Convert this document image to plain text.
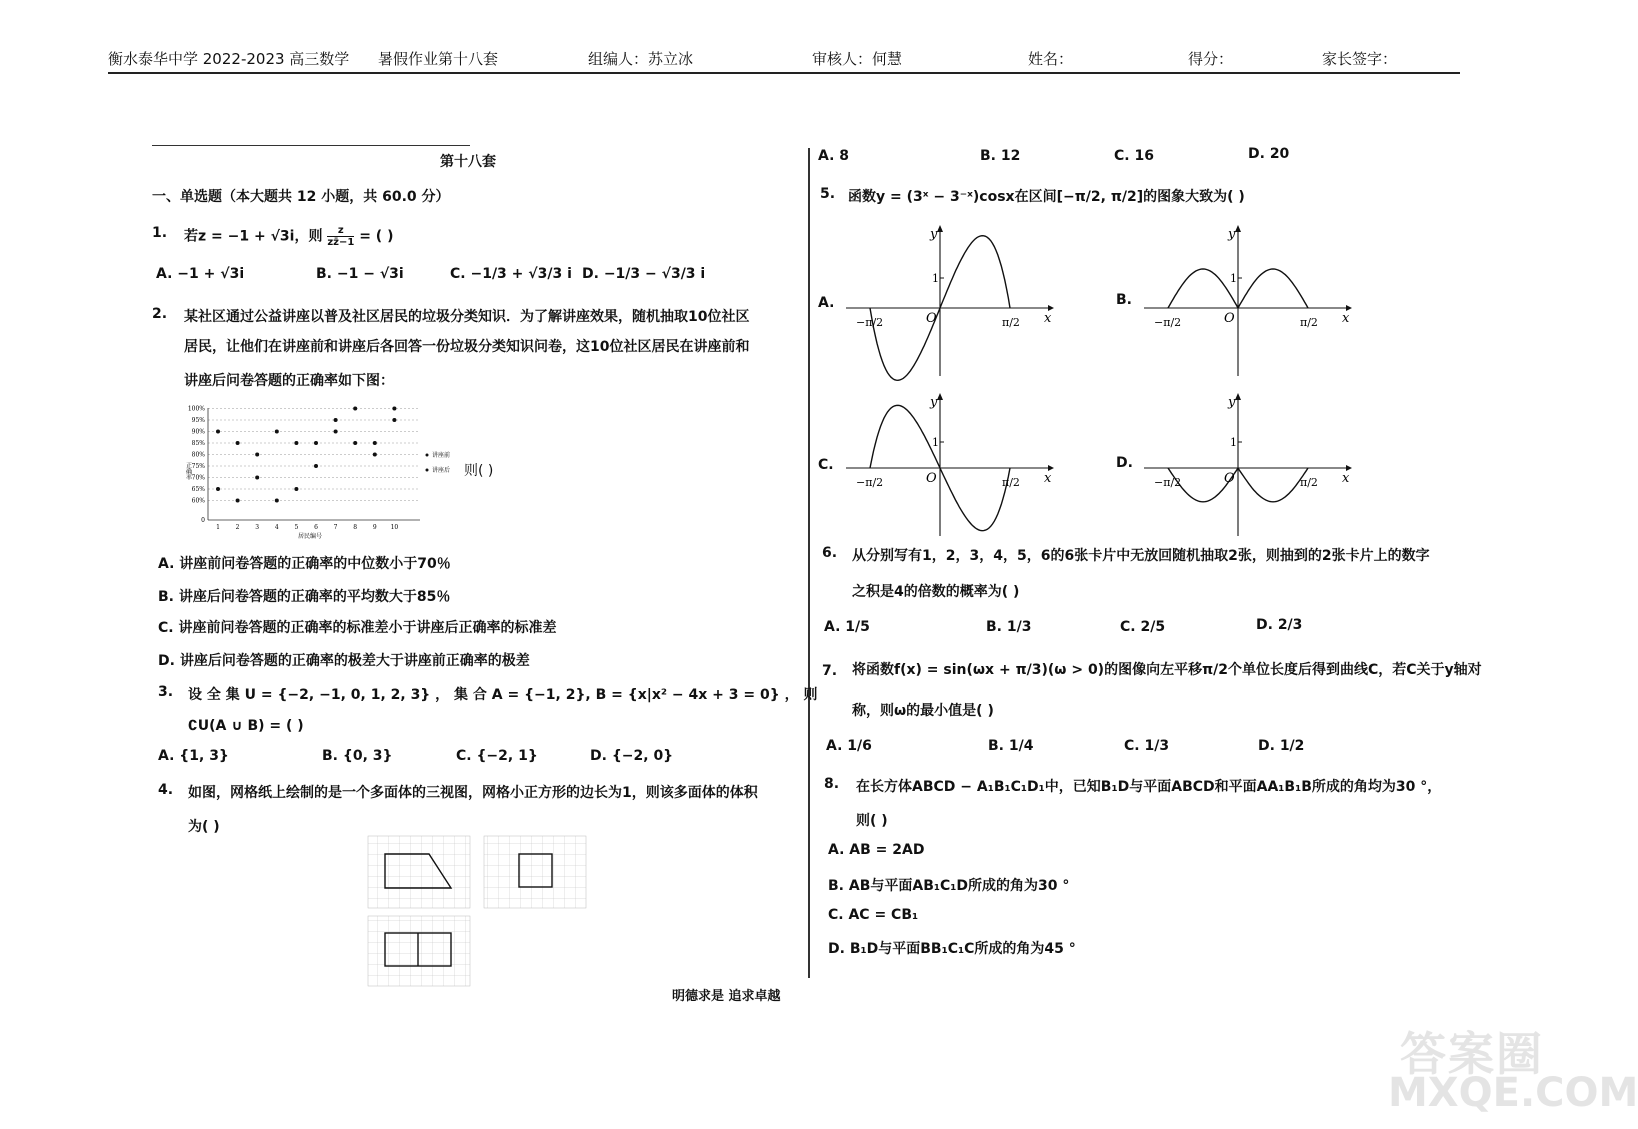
衡水泰华中学 2022-2023 高三数学 暑假作业第十八套	组编人：苏立冰	审核人：何慧	姓名：	得分：	家长签字：
第十八套
一、单选题（本大题共 12 小题，共 60.0 分）
1. 若z = −1 + √3i，则 $\frac{z}{zz̄-1}$ = ( )
A. −1 + √3i	B. −1 − √3i	C. −1/3 + √3/3 i D. −1/3 − √3/3 i
2. 某社区通过公益讲座以普及社区居民的垃圾分类知识．为了解讲座效果，随机抽取10位社区
居民，让他们在讲座前和讲座后各回答一份垃圾分类知识问卷，这10位社区居民在讲座前和
讲座后问卷答题的正确率如下图：
0
60%
65%
70%
75%
80%
85%
90%
95%
100%
1	2	3	4	5	6	7	8	9 10
正确率
居民编号
讲座前
讲座后 则( )
A. 讲座前问卷答题的正确率的中位数小于70％
B. 讲座后问卷答题的正确率的平均数大于85％
C. 讲座前问卷答题的正确率的标准差小于讲座后正确率的标准差
D. 讲座后问卷答题的正确率的极差大于讲座前正确率的极差
3. 设 全 集 U = {−2, −1, 0, 1, 2, 3} ， 集 合 A = {−1, 2}, B = {x|x² − 4x + 3 = 0} ， 则
∁U(A ∪ B) = ( )
A. {1, 3}	B. {0, 3}	C. {−2, 1}	D. {−2, 0}
4. 如图，网格纸上绘制的是一个多面体的三视图，网格小正方形的边长为1，则该多面体的体积
为( )
明德求是 追求卓越
A. 8	B. 12	C. 16	D. 20
5. 函数y = (3ˣ − 3⁻ˣ)cosx在区间[−π/2, π/2]的图象大致为( )
A.	B.
C.	D.
y
x
O
1
−π/2	π/2
y
x
O
1
−π/2	π/2
y
x
O
1
−π/2	π/2
y
x
O
1
−π/2	π/2
6. 从分别写有1，2，3，4，5，6的6张卡片中无放回随机抽取2张，则抽到的2张卡片上的数字
之积是4的倍数的概率为( )
A. 1/5	B. 1/3	C. 2/5	D. 2/3
7. 将函数f(x) = sin(ωx + π/3)(ω > 0)的图像向左平移π/2个单位长度后得到曲线C，若C关于y轴对
称，则ω的最小值是( )
A. 1/6	B. 1/4	C. 1/3	D. 1/2
8. 在长方体ABCD − A₁B₁C₁D₁中，已知B₁D与平面ABCD和平面AA₁B₁B所成的角均为30 °，
则( )
A. AB = 2AD
B. AB与平面AB₁C₁D所成的角为30 °
C. AC = CB₁
D. B₁D与平面BB₁C₁C所成的角为45 °
答案圈
MXQE.COM
